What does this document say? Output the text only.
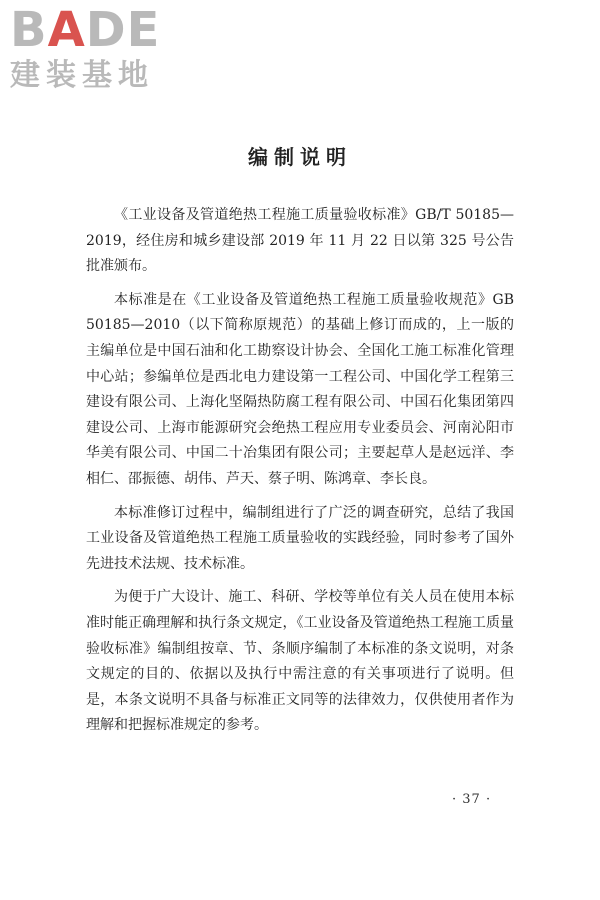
BADE
建装基地
编制说明

《工业设备及管道绝热工程施工质量验收标准》GB/T 50185—2019，经住房和城乡建设部 2019 年 11 月 22 日以第 325 号公告批准颁布。

本标准是在《工业设备及管道绝热工程施工质量验收规范》GB 50185—2010（以下简称原规范）的基础上修订而成的，上一版的主编单位是中国石油和化工勘察设计协会、全国化工施工标准化管理中心站；参编单位是西北电力建设第一工程公司、中国化学工程第三建设有限公司、上海化坚隔热防腐工程有限公司、中国石化集团第四建设公司、上海市能源研究会绝热工程应用专业委员会、河南沁阳市华美有限公司、中国二十冶集团有限公司；主要起草人是赵远洋、李相仁、邵振德、胡伟、芦天、蔡子明、陈鸿章、李长良。

本标准修订过程中，编制组进行了广泛的调查研究，总结了我国工业设备及管道绝热工程施工质量验收的实践经验，同时参考了国外先进技术法规、技术标准。

为便于广大设计、施工、科研、学校等单位有关人员在使用本标准时能正确理解和执行条文规定，《工业设备及管道绝热工程施工质量验收标准》编制组按章、节、条顺序编制了本标准的条文说明，对条文规定的目的、依据以及执行中需注意的有关事项进行了说明。但是，本条文说明不具备与标准正文同等的法律效力，仅供使用者作为理解和把握标准规定的参考。

· 37 ·
